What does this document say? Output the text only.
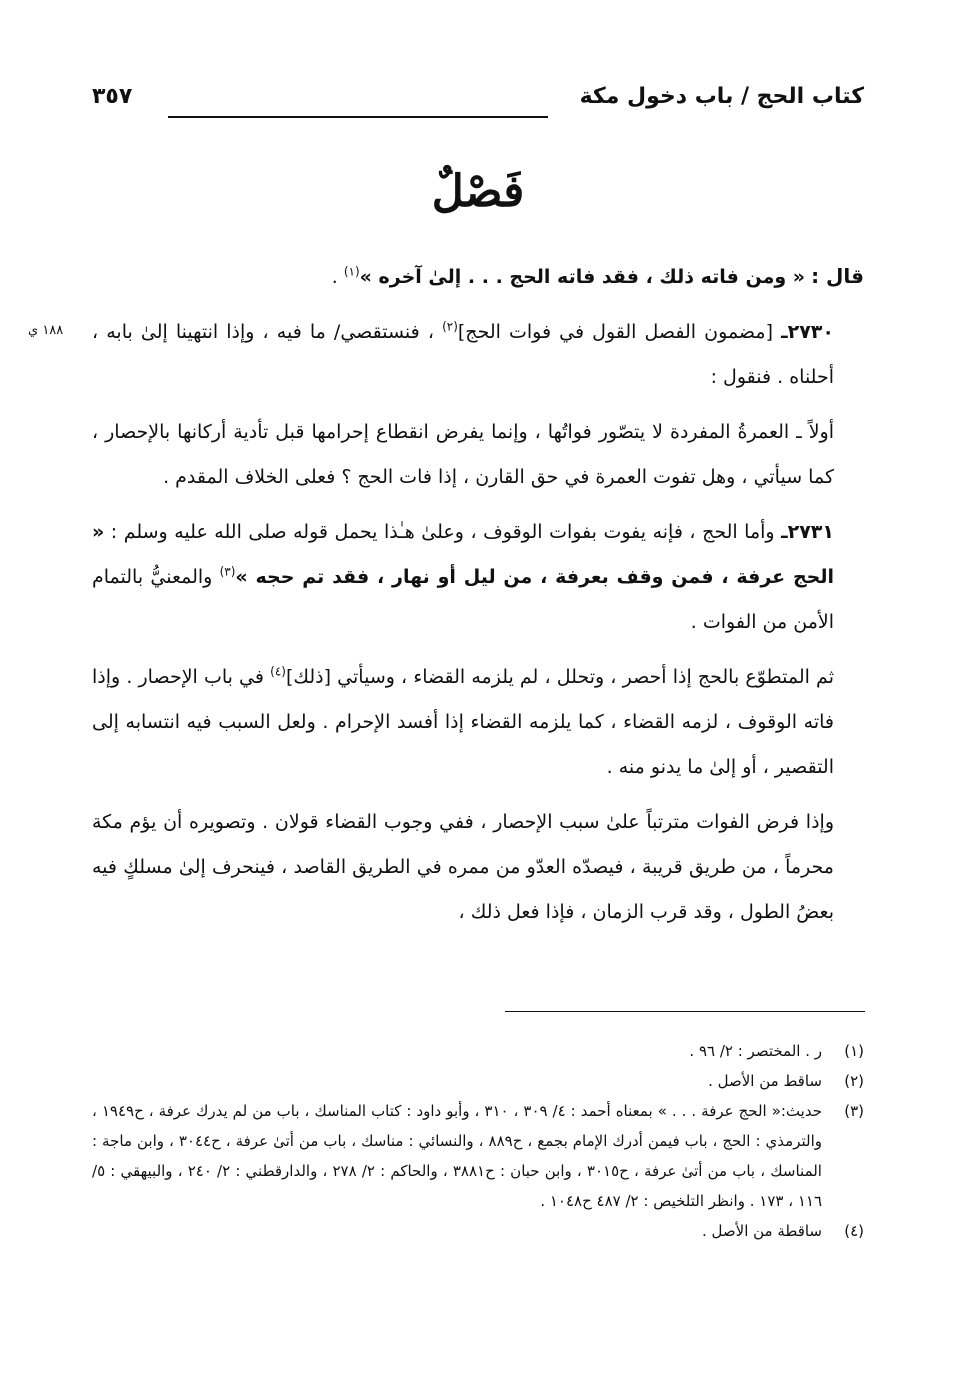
كتاب الحج / باب دخول مكة
٣٥٧
فَصْلٌ
١٨٨ ي

قال : « ومن فاته ذلك ، فقد فاته الحج . . . إلىٰ آخره »$^{(١)}$ .

٢٧٣٠ـ [مضمون الفصل القول في فوات الحج]$^{(٢)}$ ، فنستقصي/ ما فيه ، وإذا انتهينا إلىٰ بابه ، أحلناه . فنقول :

أولاً ـ العمرةُ المفردة لا يتصّور فواتُها ، وإنما يفرض انقطاع إحرامها قبل تأدية أركانها بالإحصار ، كما سيأتي ، وهل تفوت العمرة في حق القارن ، إذا فات الحج ؟ فعلى الخلاف المقدم .

٢٧٣١ـ وأما الحج ، فإنه يفوت بفوات الوقوف ، وعلىٰ هـٰذا يحمل قوله صلى الله عليه وسلم : « الحج عرفة ، فمن وقف بعرفة ، من ليل أو نهار ، فقد تم حجه »$^{(٣)}$ والمعنيُّ بالتمام الأمن من الفوات .

ثم المتطوّع بالحج إذا أحصر ، وتحلل ، لم يلزمه القضاء ، وسيأتي [ذلك]$^{(٤)}$ في باب الإحصار . وإذا فاته الوقوف ، لزمه القضاء ، كما يلزمه القضاء إذا أفسد الإحرام . ولعل السبب فيه انتسابه إلى التقصير ، أو إلىٰ ما يدنو منه .

وإذا فرض الفوات مترتباً علىٰ سبب الإحصار ، ففي وجوب القضاء قولان . وتصويره أن يؤم مكة محرماً ، من طريق قريبة ، فيصدّه العدّو من ممره في الطريق القاصد ، فينحرف إلىٰ مسلكٍ فيه بعضُ الطول ، وقد قرب الزمان ، فإذا فعل ذلك ،

(١)
ر . المختصر : ٢/ ٩٦ .
(٢)
ساقط من الأصل .
(٣)
حديث:« الحج عرفة . . . » بمعناه أحمد : ٤/ ٣٠٩ ، ٣١٠ ، وأبو داود : كتاب المناسك ، باب من لم يدرك عرفة ، ح١٩٤٩ ، والترمذي : الحج ، باب فيمن أدرك الإمام بجمع ، ح٨٨٩ ، والنسائي : مناسك ، باب من أتىٰ عرفة ، ح٣٠٤٤ ، وابن ماجة : المناسك ، باب من أتىٰ عرفة ، ح٣٠١٥ ، وابن حبان : ح٣٨٨١ ، والحاكم : ٢/ ٢٧٨ ، والدارقطني : ٢/ ٢٤٠ ، والبيهقي : ٥/ ١١٦ ، ١٧٣ . وانظر التلخيص : ٢/ ٤٨٧ ح١٠٤٨ .
(٤)
ساقطة من الأصل .
